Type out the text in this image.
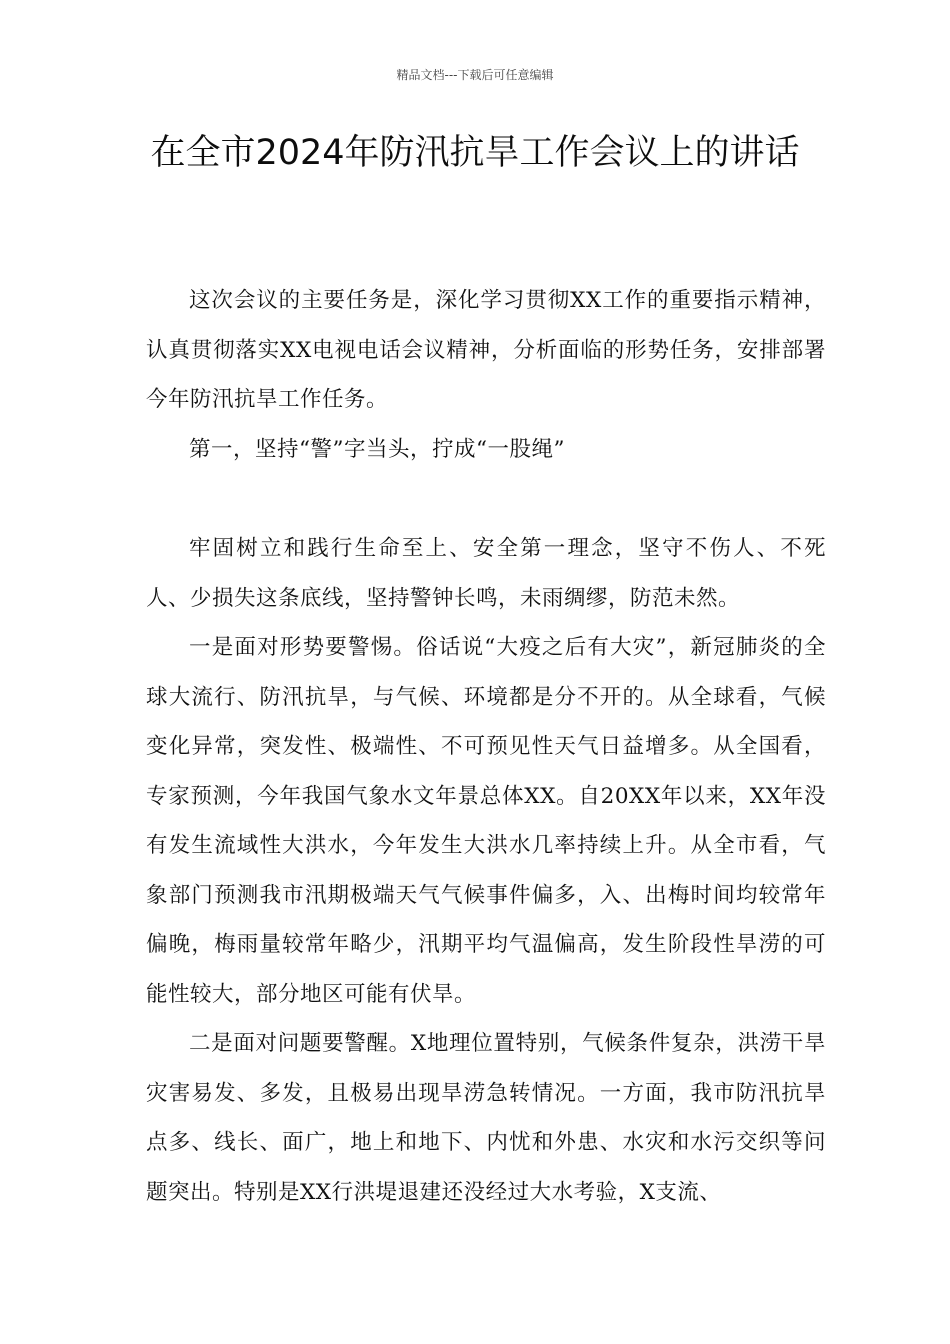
精品文档---下载后可任意编辑
在全市2024年防汛抗旱工作会议上的讲话

这次会议的主要任务是，深化学习贯彻XX工作的重要指示精神，认真贯彻落实XX电视电话会议精神，分析面临的形势任务，安排部署今年防汛抗旱工作任务。

第一，坚持“警”字当头，拧成“一股绳”

牢固树立和践行生命至上、安全第一理念，坚守不伤人、不死人、少损失这条底线，坚持警钟长鸣，未雨绸缪，防范未然。

一是面对形势要警惕。俗话说“大疫之后有大灾”，新冠肺炎的全球大流行、防汛抗旱，与气候、环境都是分不开的。从全球看，气候变化异常，突发性、极端性、不可预见性天气日益增多。从全国看，专家预测，今年我国气象水文年景总体XX。自20XX年以来，XX年没有发生流域性大洪水，今年发生大洪水几率持续上升。从全市看，气象部门预测我市汛期极端天气气候事件偏多，入、出梅时间均较常年偏晚，梅雨量较常年略少，汛期平均气温偏高，发生阶段性旱涝的可能性较大，部分地区可能有伏旱。

二是面对问题要警醒。X地理位置特别，气候条件复杂，洪涝干旱灾害易发、多发，且极易出现旱涝急转情况。一方面，我市防汛抗旱点多、线长、面广，地上和地下、内忧和外患、水灾和水污交织等问题突出。特别是XX行洪堤退建还没经过大水考验，X支流、
